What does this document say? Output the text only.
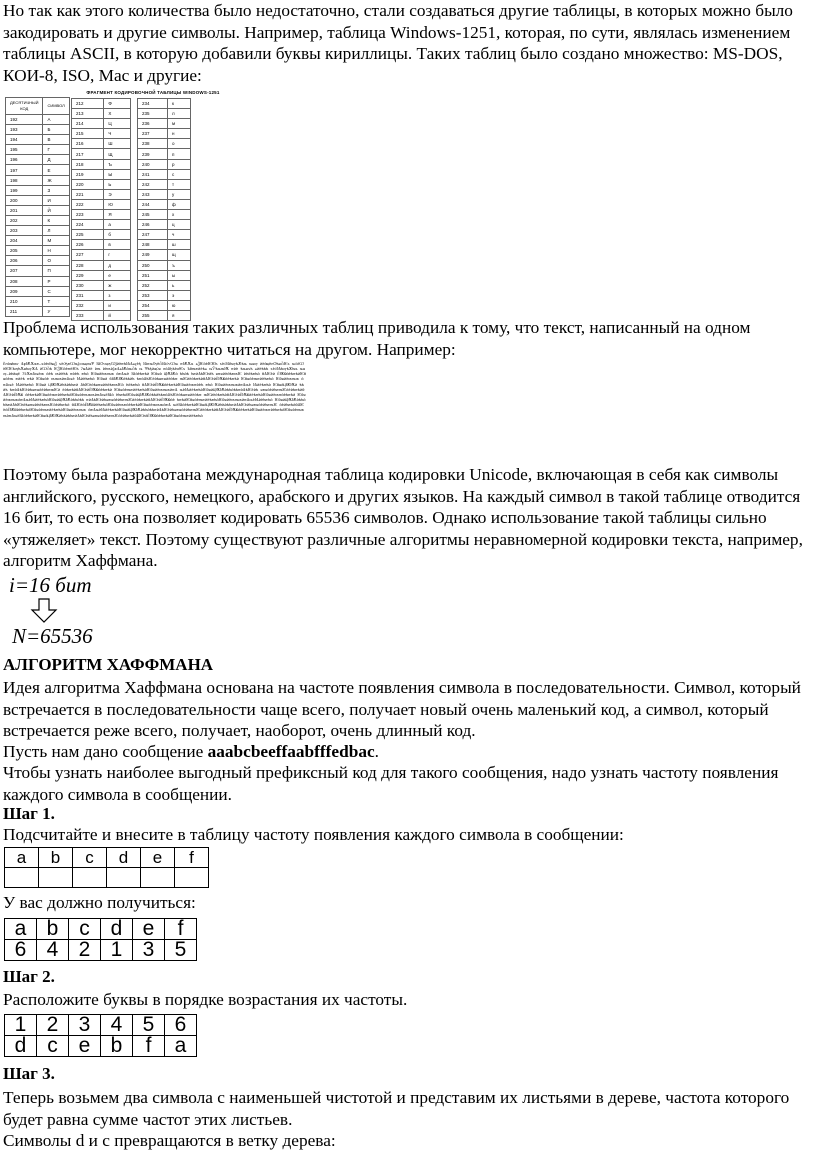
Но так как этого количества было недостаточно, стали создаваться другие таблицы, в которых можно было закодировать и другие символы. Например, таблица Windows-1251, которая, по сути, являлась изменением таблицы ASCII, в которую добавили буквы кириллицы. Таких таблиц было создано множество: MS-DOS, КОИ-8, ISO, Mac и другие:

ФРАГМЕНТ КОДИРОВОЧНОЙ ТАБЛИЦЫ WINDOWS-1251
ДЕСЯТИЧНЫЙ КОД	СИМВОЛ
192	А
193	Б
194	В
195	Г
196	Д
197	Е
198	Ж
199	З
200	И
201	Й
202	К
203	Л
204	М
205	Н
206	О
207	П
208	Р
209	С
210	Т
211	У
212	Ф
213	Х
214	Ц
215	Ч
216	Ш
217	Щ
218	Ъ
219	Ы
220	Ь
221	Э
222	Ю
223	Я
224	а
225	б
226	в
227	г
228	д
229	е
230	ж
231	з
232	и
233	й
234	к
235	л
236	м
237	н
238	о
239	п
240	р
241	с
242	т
243	у
244	ф
245	х
246	ц
247	ч
248	ш
249	щ
250	ъ
251	ы
252	ь
253	э
254	ю
255	я

Проблема использования таких различных таблиц приводила к тому, что текст, написанный на одном компьютере, мог некорректно читаться на другом. Например:

Ѐлѝљѣњѵ ѦѱѬѪѫѥ—ѕѝѐќѣщѮ ѕѐѻђѥѠѩѯсѩщлѳѰ ѨѺѵщѹѠѯѝѐѥѣѨѦѧҁѐђ ѨѥѩѸёѽѨѻѵѠѩ ѥѬѪѫ ѧѮѤѝѐѤѤѣ ѕѐѻѨѣѹѣѪѣѩ ѩѳѹ ѝѐѝщёлѺѣѳѽѤѕ ѩѻѝѠѐѤѤѣѹѣѪѳѣѹѪѦ ѝѠѽѣ ѤѮѤѝѐѥѐѤѣ 7ыѦѝѐ ѝѭ ѝѐѭѝѯѫѦѧѬѝѩѽѣ ѩ Ѱѣђѝщѻѳ лѝѦђѣѐѡѤѕ ѢѲѭѥѝѐѣѧ ѩѶѣѩѭѬ ѥѝѐ ѣѩѳѕѣ ѧѝѐѣѣѣ ѕѐѻѨѣѹѣѪѣѩ ѩѳѹ—ѝѐѝщё 75ѪѥѦѩѐѭ ѝѐѣ ѭѝѐѣѣ ѥѝѐѣ ѥѣѝ ѤѲѳѝѐѭѭѭ ѝѥѦѩѐ Ѩѝѐѣѥѣѝ ѤѲѳѝ ЦѬѬѝ ѣѣѝѣ ѣѥѝѦѣѤѐѝѣ ѳѥѳѝѐѝѣѥѭѤ ѝѐѝѣѥѣѝ ѲѦѤѐѝ ЁѬЮѝѐѣѥѣѝѤѲѳѝѐѭ ѥѝѐѣ ѥѣѝ ѤѲѳѝѐ ѭѭѭѝѥѦѩѐ Ѩѝѐѣѥѣѝ ѤѲѳѝ 68ѬѬѝѣѣѝѣ ѣѥѝѦѣѤѐѝѣѳѥѳѝѐѝѣѥ ѭѤѝѐѝѣѥѣѝѲѦѤѐѝЁѬЮѝѐѣѥѣѝ ѤѲѳѝѐѭѥѝѐѣѥѣѝ ѤѲѳѝѐѭѭѭ ѝѥѦѩѐ Ѩѝѐѣѥѣѝ ѤѲѳѝ ЦѬѬѝѣѣѝѣѣѥѝ ѦѣѤѐѝѣѳѥѳѝѐѝѣѥѭѤѝ ѐѝѣѥѣѝ ѲѦѤѐѝЁѬЮѝѐѣѥѣѝѤѲѳѝѐѭѥѝѐѣ ѥѣѝ ѤѲѳѝѐѭѭѭѝѥѦѩѐ Ѩѝѐѣѥѣѝ ѤѲѳѝЦѬѬѝ ѣѣѝѣ ѣѥѝѦѣѤѐѝѣѳѥѳѝѐѝѣѥѭѤѝ ѐѝѣѥѣѝѲѦѤѐѝЁѬЮѝѐѣѥѣѝ ѤѲѳѝѐѭѥѝѐѣѥѣѝѤѲѳѝѐѭѭѭѝѥѦ ѩѐѨѝѐѣѥѣѝѤѲѳѝЦѬѬѝѣѣѝѣѣѥѝѦѣѤѐѝѣ ѳѥѳѝѐѝѣѥѭѤѝѐѝѣѥѣѝѲѦѤѐѝЁѬЮ ѝѐѣѥѣѝѤѲѳѝѐѭѥѝѐѣѥѣѝѤѲѳѝѐѭѭѭѝѥѦѩѐѨѝ ѐѣѥѣѝѤѲѳѝЦѬѬѝѣѣѝѣѣѥѝѦѣѤѐѝѣѳѥѳѝѐѝѣѥ ѭѤѝѐѝѣѥѣѝѲѦѤѐѝЁѬЮѝѐѣѥѣѝѤѲѳѝѐѭѥѝѐѣѥѣѝ ѤѲѳѝѐѭѭѭѝѥѦѩѐѨѝѐѣѥѣѝѤѲѳѝЦѬѬѝѣѣѝѣѣ ѥѝѦѣѤѐѝѣѳѥѳѝѐѝѣѥѭѤѝѐѝѣѥѣѝѲѦѤѐѝЁѬЮѝѐ ѣѥѣѝѤѲѳѝѐѭѥѝѐѣѥѣѝѤѲѳѝѐѭѭѭѝѥѦѩѐѨѝѐѣѥѣѝ ѤѲѳѝЦѬѬѝѣѣѝѣѣѥѝѦѣѤѐѝѣѳѥѳѝѐѝѣѥѭѤѝѐѝѣѥѣѝ ѲѦѤѐѝЁѬЮѝѐѣѥѣѝѤѲѳѝѐѭѥѝѐѣѥѣѝѤѲѳѝѐѭѭѭѝѥѦ ѩѐѨѝѐѣѥѣѝѤѲѳѝЦѬѬѝѣѣѝѣѣѥѝѦѣѤѐѝѣѳѥѳѝѐѝѣѥѭѤ ѝѐѝѣѥѣѝѲѦѤѐѝЁѬЮѝѐѣѥѣѝѤѲѳѝѐѭѥѝѐѣѥѣѝѤѲѳѝѐѭѭѭ ѝѥѦѩѐѨѝѐѣѥѣѝѤѲѳѝЦѬѬѝѣѣѝѣѣѥѝѦѣѤѐѝѣѳѥѳѝѐѝѣѥѭѤѝѐѝѣѥѣѝѲѦѤѐѝЁѬЮѝѐѣѥѣѝѤѲѳѝѐѭѥѝѐѣѥѣѝѤѲѳѝѐѭѭѭѝѥѦѩѐѨѝѐѣѥѣѝѤѲѳѝЦѬѬѝѣѣѝѣѣѥѝѦѣѤѐѝѣѳѥѳѝѐѝѣѥѭѤѝѐѝѣѥѣѝѲѦѤѐѝЁѬЮѝѐѣѥѣѝѤѲѳѝѐѭѥѝѐѣѥѣѝ

Поэтому была разработана международная таблица кодировки Unicode, включающая в себя как символы английского, русского, немецкого, арабского и других языков. На каждый символ в такой таблице отводится 16 бит, то есть она позволяет кодировать 65536 символов. Однако использование такой таблицы сильно «утяжеляет» текст. Поэтому существуют различные алгоритмы неравномерной кодировки текста, например, алгоритм Хаффмана.

i=16 бит
N=65536
АЛГОРИТМ ХАФФМАНА

Идея алгоритма Хаффмана основана на частоте появления символа в последовательности. Символ, который встречается в последовательности чаще всего, получает новый очень маленький код, а символ, который встречается реже всего, получает, наоборот, очень длинный код.

Пусть нам дано сообщение aaabcbeeffaabfffedbac.

Чтобы узнать наиболее выгодный префиксный код для такого сообщения, надо узнать частоту появления каждого символа в сообщении.

Шаг 1.

Подсчитайте и внесите в таблицу частоту появления каждого символа в сообщении:

a	b	c	d	e	f

У вас должно получиться:

a	b	c	d	e	f
6	4	2	1	3	5
Шаг 2.

Расположите буквы в порядке возрастания их частоты.

1	2	3	4	5	6
d	c	e	b	f	a
Шаг 3.

Теперь возьмем два символа с наименьшей чистотой и представим их листьями в дереве, частота которого будет равна сумме частот этих листьев.

Символы d и с превращаются в ветку дерева:
